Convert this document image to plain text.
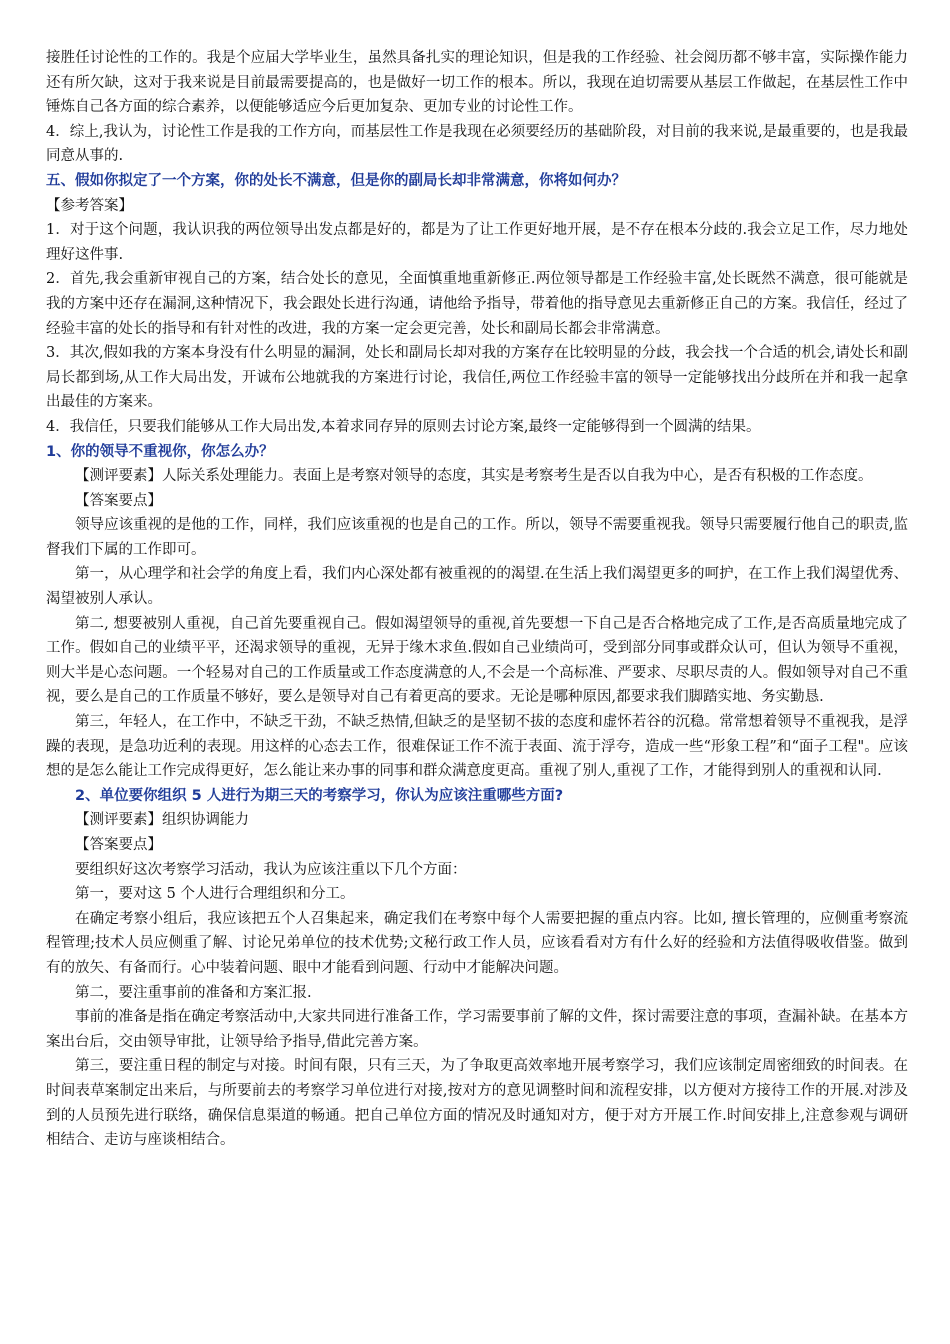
接胜任讨论性的工作的。我是个应届大学毕业生，虽然具备扎实的理论知识，但是我的工作经验、社会阅历都不够丰富，实际操作能力还有所欠缺，这对于我来说是目前最需要提高的，也是做好一切工作的根本。所以，我现在迫切需要从基层工作做起，在基层性工作中锤炼自己各方面的综合素养，以便能够适应今后更加复杂、更加专业的讨论性工作。

4．综上,我认为，讨论性工作是我的工作方向，而基层性工作是我现在必须要经历的基础阶段，对目前的我来说,是最重要的，也是我最同意从事的.

五、假如你拟定了一个方案，你的处长不满意，但是你的副局长却非常满意，你将如何办？

【参考答案】

1．对于这个问题，我认识我的两位领导出发点都是好的，都是为了让工作更好地开展，是不存在根本分歧的.我会立足工作，尽力地处理好这件事.

2．首先,我会重新审视自己的方案，结合处长的意见，全面慎重地重新修正.两位领导都是工作经验丰富,处长既然不满意，很可能就是我的方案中还存在漏洞,这种情况下，我会跟处长进行沟通，请他给予指导，带着他的指导意见去重新修正自己的方案。我信任，经过了经验丰富的处长的指导和有针对性的改进，我的方案一定会更完善，处长和副局长都会非常满意。

3．其次,假如我的方案本身没有什么明显的漏洞，处长和副局长却对我的方案存在比较明显的分歧，我会找一个合适的机会,请处长和副局长都到场,从工作大局出发，开诚布公地就我的方案进行讨论，我信任,两位工作经验丰富的领导一定能够找出分歧所在并和我一起拿出最佳的方案来。

4．我信任，只要我们能够从工作大局出发,本着求同存异的原则去讨论方案,最终一定能够得到一个圆满的结果。

1、你的领导不重视你，你怎么办？

【测评要素】人际关系处理能力。表面上是考察对领导的态度，其实是考察考生是否以自我为中心，是否有积极的工作态度。

【答案要点】

领导应该重视的是他的工作，同样，我们应该重视的也是自己的工作。所以，领导不需要重视我。领导只需要履行他自己的职责,监督我们下属的工作即可。

第一，从心理学和社会学的角度上看，我们内心深处都有被重视的的渴望.在生活上我们渴望更多的呵护，在工作上我们渴望优秀、渴望被别人承认。

第二, 想要被别人重视，自己首先要重视自己。假如渴望领导的重视,首先要想一下自己是否合格地完成了工作,是否高质量地完成了工作。假如自己的业绩平平，还渴求领导的重视，无异于缘木求鱼.假如自己业绩尚可，受到部分同事或群众认可，但认为领导不重视，则大半是心态问题。一个轻易对自己的工作质量或工作态度满意的人,不会是一个高标准、严要求、尽职尽责的人。假如领导对自己不重视，要么是自己的工作质量不够好，要么是领导对自己有着更高的要求。无论是哪种原因,都要求我们脚踏实地、务实勤恳.

第三，年轻人，在工作中，不缺乏干劲，不缺乏热情,但缺乏的是坚韧不拔的态度和虚怀若谷的沉稳。常常想着领导不重视我，是浮躁的表现，是急功近利的表现。用这样的心态去工作，很难保证工作不流于表面、流于浮夸，造成一些“形象工程”和“面子工程"。应该想的是怎么能让工作完成得更好，怎么能让来办事的同事和群众满意度更高。重视了别人,重视了工作，才能得到别人的重视和认同.

2、单位要你组织 5 人进行为期三天的考察学习，你认为应该注重哪些方面?

【测评要素】组织协调能力

【答案要点】

要组织好这次考察学习活动，我认为应该注重以下几个方面：

第一，要对这 5 个人进行合理组织和分工。

在确定考察小组后，我应该把五个人召集起来，确定我们在考察中每个人需要把握的重点内容。比如, 擅长管理的，应侧重考察流程管理;技术人员应侧重了解、讨论兄弟单位的技术优势;文秘行政工作人员，应该看看对方有什么好的经验和方法值得吸收借鉴。做到有的放矢、有备而行。心中装着问题、眼中才能看到问题、行动中才能解决问题。

第二，要注重事前的准备和方案汇报.

事前的准备是指在确定考察活动中,大家共同进行准备工作，学习需要事前了解的文件，探讨需要注意的事项，查漏补缺。在基本方案出台后，交由领导审批，让领导给予指导,借此完善方案。

第三，要注重日程的制定与对接。时间有限，只有三天，为了争取更高效率地开展考察学习，我们应该制定周密细致的时间表。在时间表草案制定出来后，与所要前去的考察学习单位进行对接,按对方的意见调整时间和流程安排，以方便对方接待工作的开展.对涉及到的人员预先进行联络，确保信息渠道的畅通。把自己单位方面的情况及时通知对方，便于对方开展工作.时间安排上,注意参观与调研相结合、走访与座谈相结合。
